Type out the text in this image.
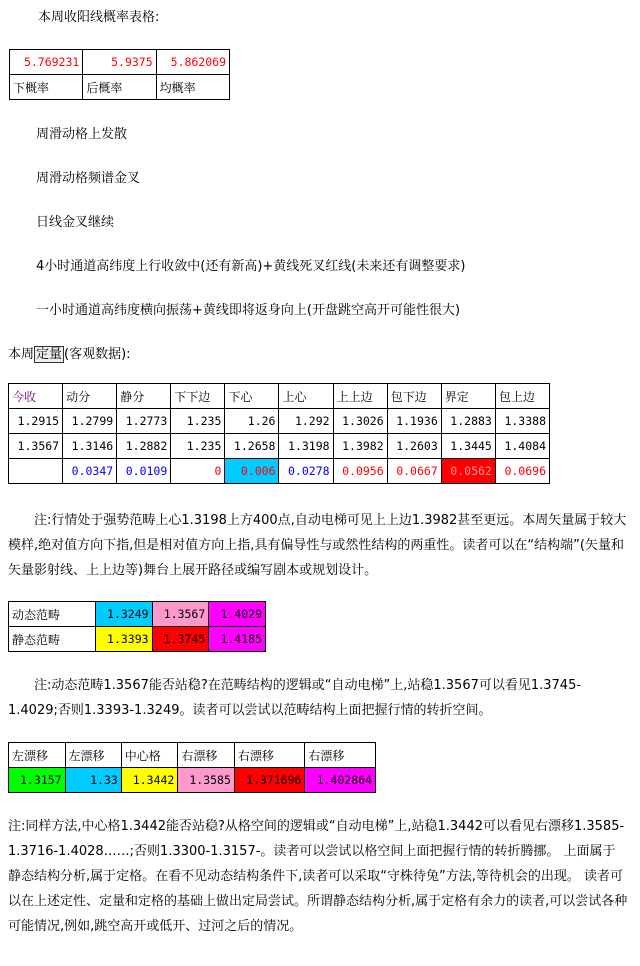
本周收阳线概率表格:
5.769231	5.9375	5.862069
下概率	后概率	均概率
周滑动格上发散
周滑动格频谱金叉
日线金叉继续
4小时通道高纬度上行收敛中(还有新高)+黄线死叉红线(未来还有调整要求)
一小时通道高纬度横向振荡+黄线即将返身向上(开盘跳空高开可能性很大)
本周 定量 (客观数据):
今收	动分	静分	下下边	下心	上心	上上边	包下边	界定	包上边
1.2915	1.2799	1.2773	1.235	1.26	1.292	1.3026	1.1936	1.2883	1.3388
1.3567	1.3146	1.2882	1.235	1.2658	1.3198	1.3982	1.2603	1.3445	1.4084
	0.0347	0.0109	0	0.006	0.0278	0.0956	0.0667	0.0562	0.0696
注:行情处于强势范畴上心1.3198上方400点,自动电梯可见上上边1.3982甚至更远。本周矢量属于较大模样,绝对值方向下指,但是相对值方向上指,具有偏导性与或然性结构的两重性。读者可以在“结构端”(矢量和矢量影射线、上上边等)舞台上展开路径或编写剧本或规划设计。
动态范畴	1.3249	1.3567	1.4029
静态范畴	1.3393	1.3745	1.4185
注:动态范畴1.3567能否站稳?在范畴结构的逻辑或“自动电梯”上,站稳1.3567可以看见1.3745-1.4029;否则1.3393-1.3249。读者可以尝试以范畴结构上面把握行情的转折空间。
左漂移	左漂移	中心格	右漂移	右漂移	右漂移
1.3157	1.33	1.3442	1.3585	1.371696	1.402864
注:同样方法,中心格1.3442能否站稳?从格空间的逻辑或“自动电梯”上,站稳1.3442可以看见右漂移1.3585-1.3716-1.4028……;否则1.3300-1.3157-。读者可以尝试以格空间上面把握行情的转折腾挪。 上面属于静态结构分析,属于定格。在看不见动态结构条件下,读者可以采取“守株待兔”方法,等待机会的出现。 读者可以在上述定性、定量和定格的基础上做出定局尝试。所谓静态结构分析,属于定格有余力的读者,可以尝试各种可能情况,例如,跳空高开或低开、过河之后的情况。
